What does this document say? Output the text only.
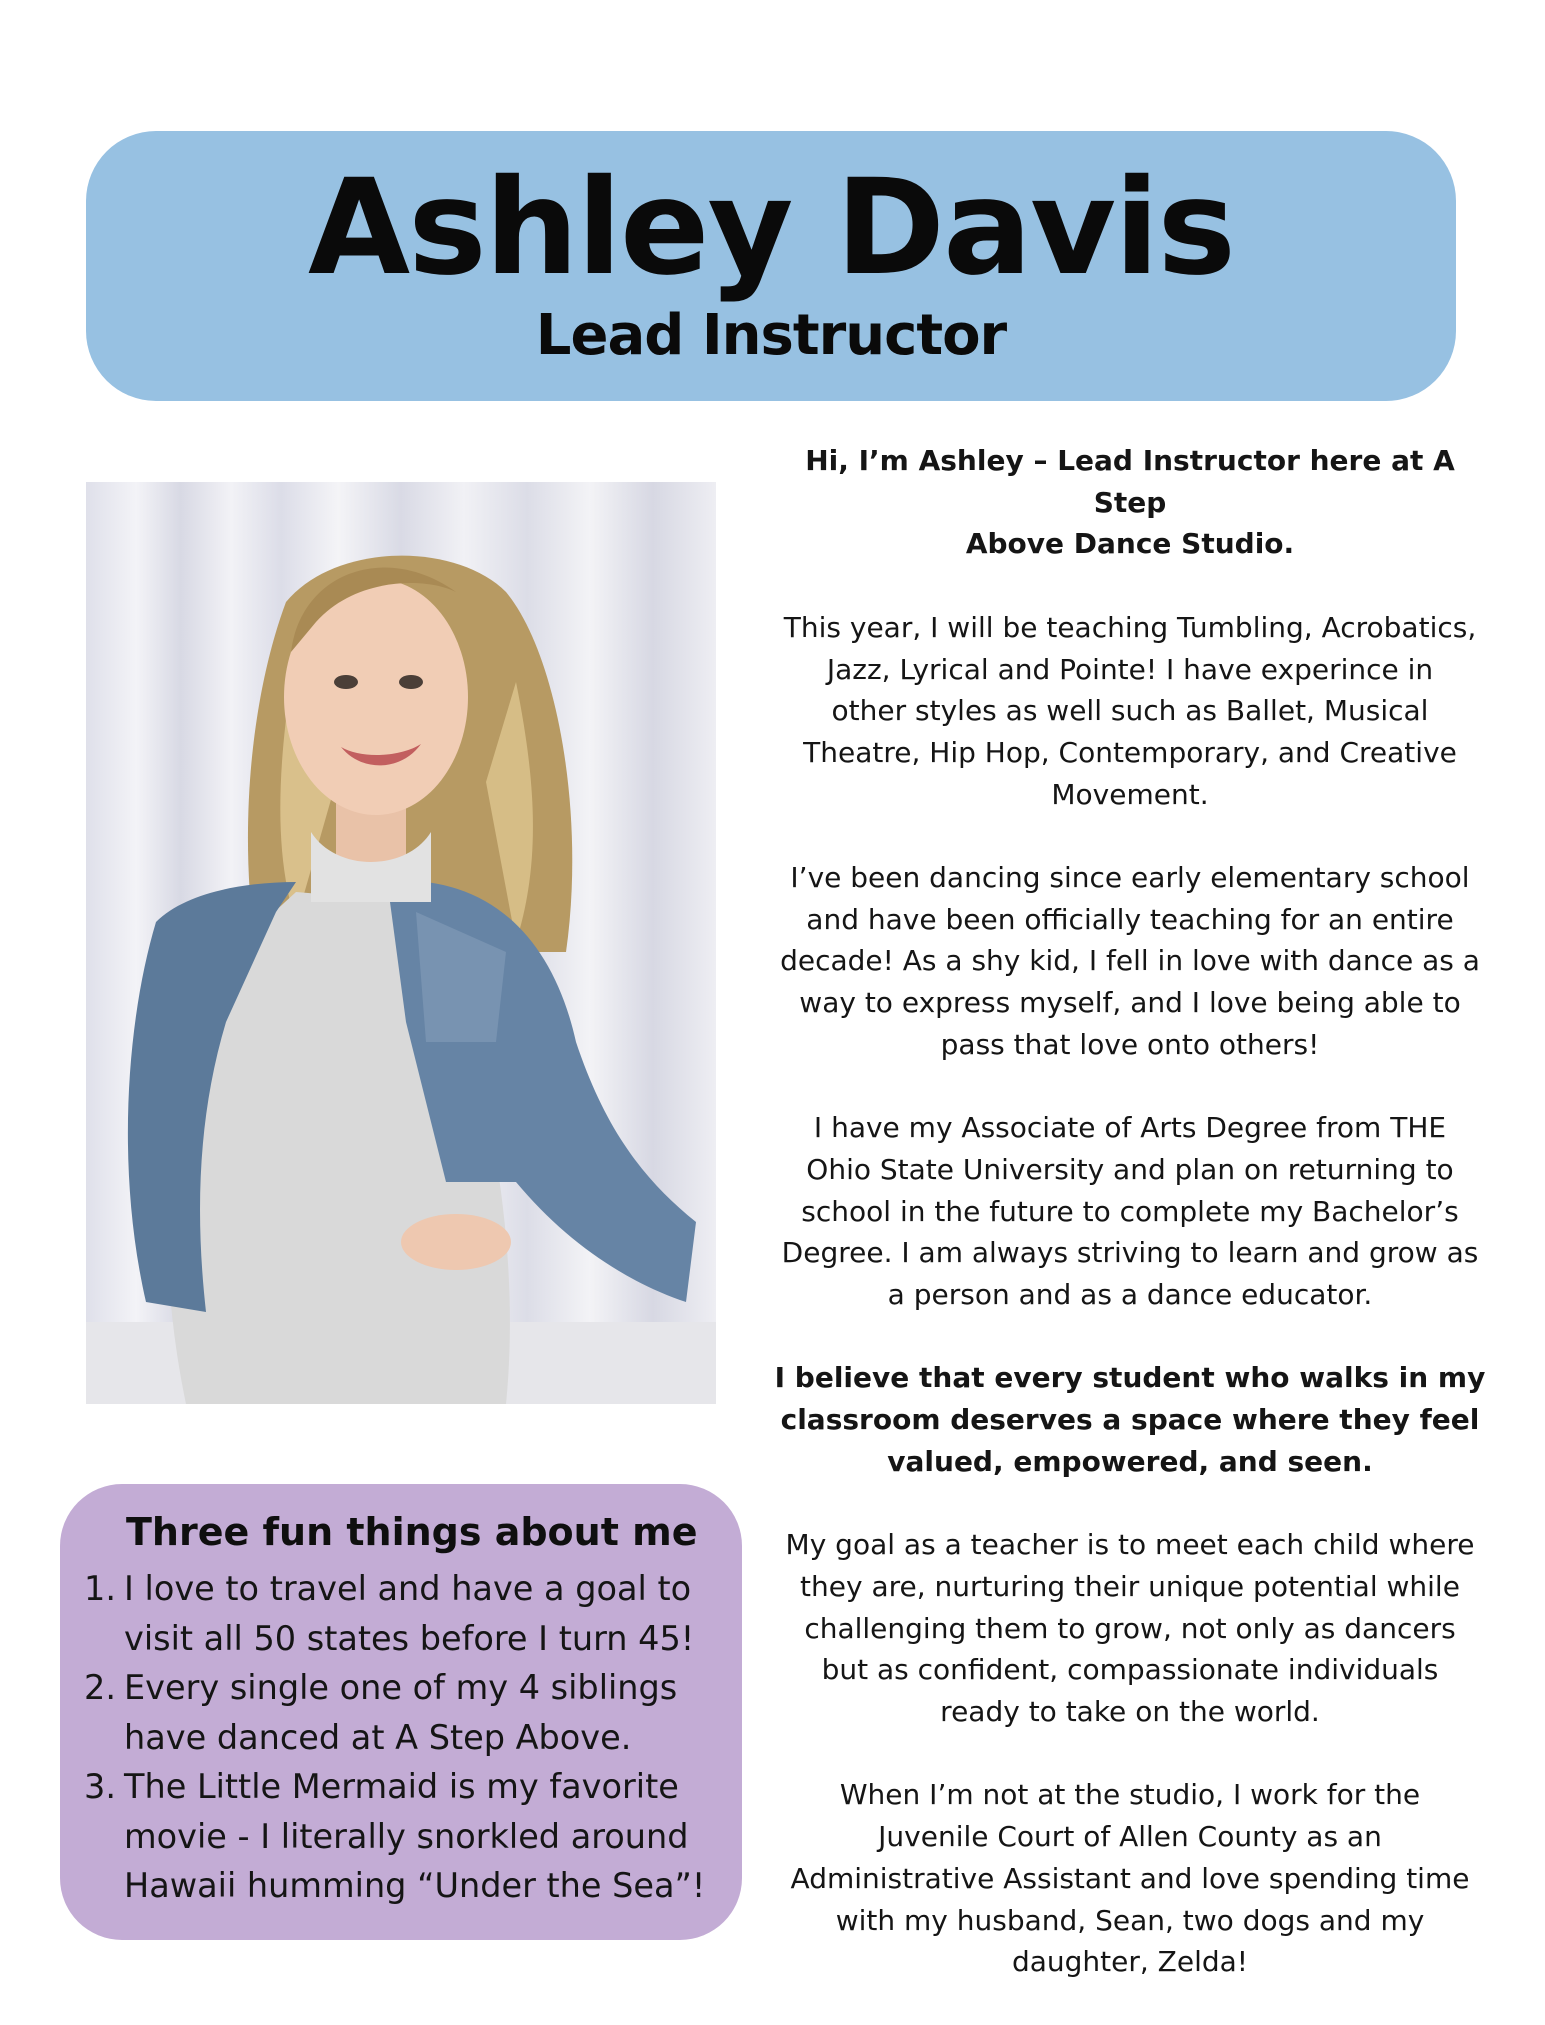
Ashley Davis
Lead Instructor

Hi, I’m Ashley – Lead Instructor here at A Step
Above Dance Studio.

This year, I will be teaching Tumbling, Acrobatics,
Jazz, Lyrical and Pointe! I have experince in
other styles as well such as Ballet, Musical
Theatre, Hip Hop, Contemporary, and Creative
Movement.

I’ve been dancing since early elementary school
and have been officially teaching for an entire
decade! As a shy kid, I fell in love with dance as a
way to express myself, and I love being able to
pass that love onto others!

I have my Associate of Arts Degree from THE
Ohio State University and plan on returning to
school in the future to complete my Bachelor’s
Degree. I am always striving to learn and grow as
a person and as a dance educator.

I believe that every student who walks in my
classroom deserves a space where they feel
valued, empowered, and seen.

My goal as a teacher is to meet each child where
they are, nurturing their unique potential while
challenging them to grow, not only as dancers
but as confident, compassionate individuals
ready to take on the world.

When I’m not at the studio, I work for the
Juvenile Court of Allen County as an
Administrative Assistant and love spending time
with my husband, Sean, two dogs and my
daughter, Zelda!

Three fun things about me
1. I love to travel and have a goal to
visit all 50 states before I turn 45!
2. Every single one of my 4 siblings
have danced at A Step Above.
3. The Little Mermaid is my favorite
movie - I literally snorkled around
Hawaii humming “Under the Sea”!
